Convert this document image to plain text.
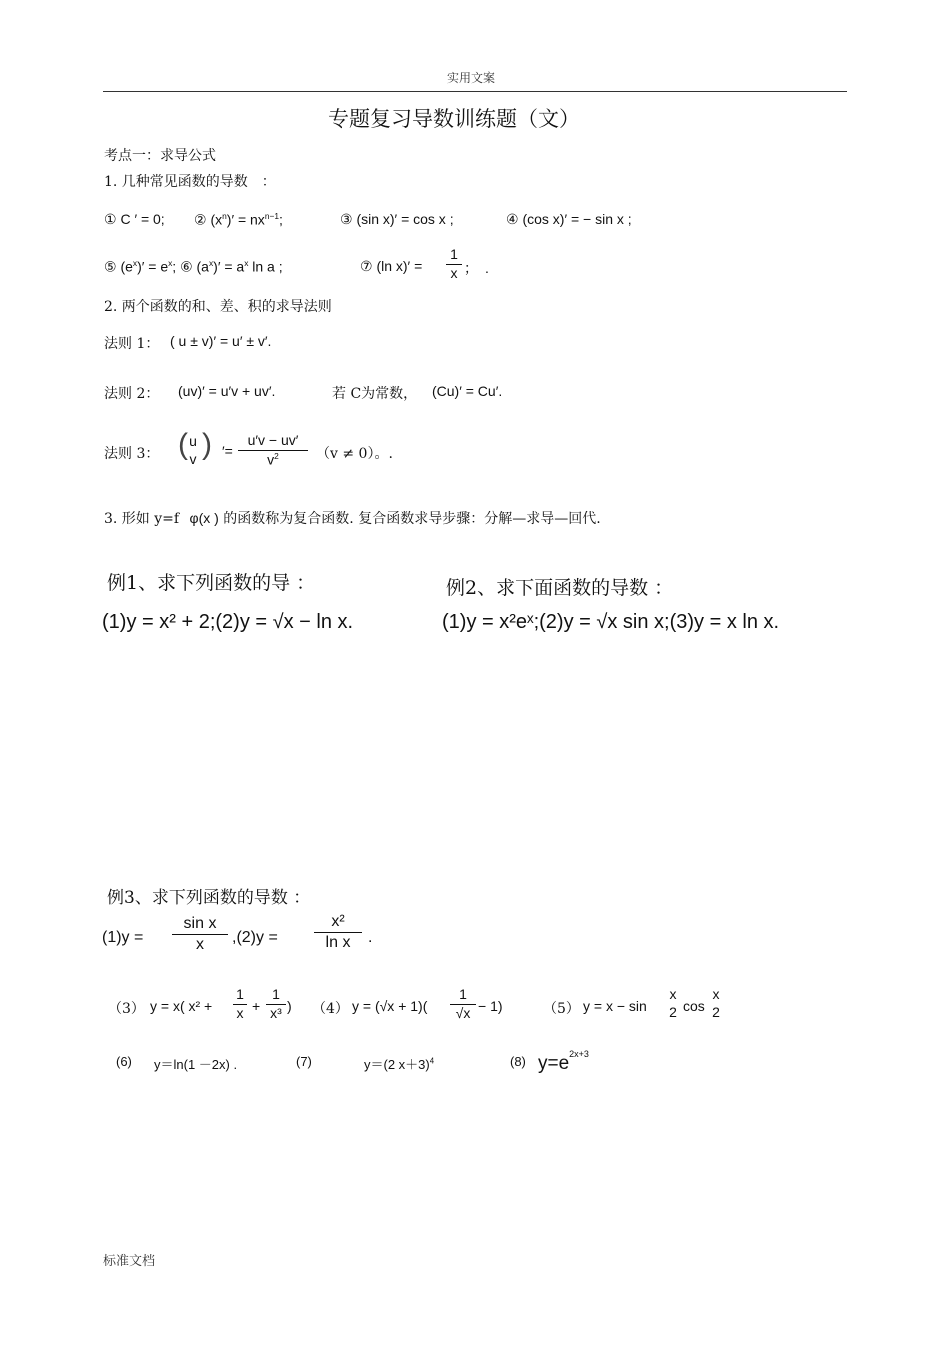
实用文案
专题复习导数训练题（文）
考点一：求导公式
1. 几种常见函数的导数　：
① C ′ = 0; ② $(x^n)' = nx^{n-1}$;	③ (sin x)′ = cos x ;	④ (cos x)′ = − sin x ;
⑤ $(e^x)' = e^x$; ⑥ $(a^x)' = a^x$ ln a ;	⑦ (ln $x)' = \frac{1}{x}$ ；　.
2. 两个函数的和、差、积的求导法则
法则 1： ( u ± v)′ = u′ ± v′.
法则 2： (uv)′ = u′v + uv′.	若 C为常数， (Cu)′ = Cu′.
法则 3： ( u
v ) ′= $\frac{u'v - uv'}{v^2} (v \ne 0)$。.
3. 形如 y=f φ(x ) 的函数称为复合函数. 复合函数求导步骤：分解—求导—回代.
例1、求下列函数的导 ：	例2、求下面函数的导数 ：
(1)y = x² + 2;(2)y = √x − ln x.	(1)y = x²eˣ;(2)y = √x sin x;(3)y = x ln x.
例3、求下列函数的导数 ：
$(1)y = \frac{\text{sin x}}{x} ,(2)y = \frac{\text{x²}}{\text{ln x}}$ .
（3） y = x( $x^2 + \frac{1}{x} + \frac{1}{\text{x³}}$ ) （4） $y = (√x + 1)( \frac{1}{√x} - 1)$	（5） y = x − sin
x
2 cos
x
2
(6) y＝ln(1 －2x) .	(7)	y＝(2 x＋3)$^4$	(8) $y=e^{2x+3}$
标准文档
